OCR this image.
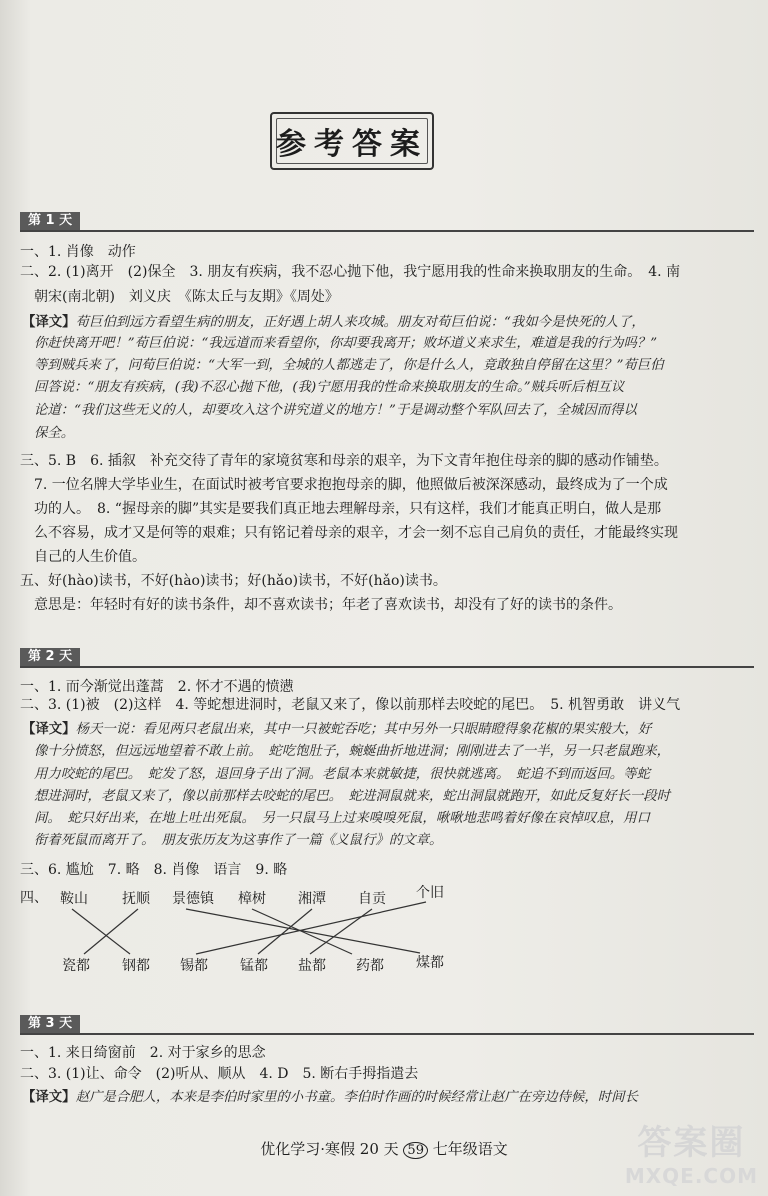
参考答案
第 1 天
一、1. 肖像　动作
二、2. (1)离开　(2)保全　3. 朋友有疾病，我不忍心抛下他，我宁愿用我的性命来换取朋友的生命。　4. 南
朝宋(南北朝)　刘义庆　《陈太丘与友期》《周处》
【译文】荀巨伯到远方看望生病的朋友，正好遇上胡人来攻城。朋友对荀巨伯说：“我如今是快死的人了，
你赶快离开吧！”荀巨伯说：“我远道而来看望你，你却要我离开；败坏道义来求生，难道是我的行为吗？”
等到贼兵来了，问荀巨伯说：“大军一到，全城的人都逃走了，你是什么人，竟敢独自停留在这里？”荀巨伯
回答说：“朋友有疾病，(我)不忍心抛下他，(我)宁愿用我的性命来换取朋友的生命。”贼兵听后相互议
论道：“我们这些无义的人，却要攻入这个讲究道义的地方！”于是调动整个军队回去了，全城因而得以
保全。
三、5. B　6. 插叙　补充交待了青年的家境贫寒和母亲的艰辛，为下文青年抱住母亲的脚的感动作铺垫。
7. 一位名牌大学毕业生，在面试时被考官要求抱抱母亲的脚，他照做后被深深感动，最终成为了一个成
功的人。　8. “握母亲的脚”其实是要我们真正地去理解母亲，只有这样，我们才能真正明白，做人是那
么不容易，成才又是何等的艰难；只有铭记着母亲的艰辛，才会一刻不忘自己肩负的责任，才能最终实现
自己的人生价值。
五、好(hào)读书，不好(hào)读书；好(hǎo)读书，不好(hǎo)读书。
意思是：年轻时有好的读书条件，却不喜欢读书；年老了喜欢读书，却没有了好的读书的条件。
第 2 天
一、1. 而今渐觉出蓬蒿　2. 怀才不遇的愤懑
二、3. (1)被　(2)这样　4. 等蛇想进洞时，老鼠又来了，像以前那样去咬蛇的尾巴。　5. 机智勇敢　讲义气
【译文】杨天一说：看见两只老鼠出来，其中一只被蛇吞吃；其中另外一只眼睛瞪得象花椒的果实般大，好
像十分愤怒，但远远地望着不敢上前。　蛇吃饱肚子，蜿蜒曲折地进洞；刚刚进去了一半，另一只老鼠跑来，
用力咬蛇的尾巴。　蛇发了怒，退回身子出了洞。老鼠本来就敏捷，很快就逃离。　蛇追不到而返回。等蛇
想进洞时，老鼠又来了，像以前那样去咬蛇的尾巴。　蛇进洞鼠就来，蛇出洞鼠就跑开，如此反复好长一段时
间。　蛇只好出来，在地上吐出死鼠。　另一只鼠马上过来嗅嗅死鼠，啾啾地悲鸣着好像在哀悼叹息，用口
衔着死鼠而离开了。　朋友张历友为这事作了一篇《义鼠行》的文章。
三、6. 尴尬　7. 略　8. 肖像　语言　9. 略
四、 鞍山 抚顺 景德镇 樟树 湘潭 自贡 个旧
瓷都 钢都 锡都 锰都 盐都 药都 煤都
第 3 天
一、1. 来日绮窗前　2. 对于家乡的思念
二、3. (1)让、命令　(2)听从、顺从　4. D　5. 断右手拇指遣去
【译文】赵广是合肥人，本来是李伯时家里的小书童。李伯时作画的时候经常让赵广在旁边侍候，时间长
优化学习·寒假 20 天 59 七年级语文	答案圈
MXQE.COM
